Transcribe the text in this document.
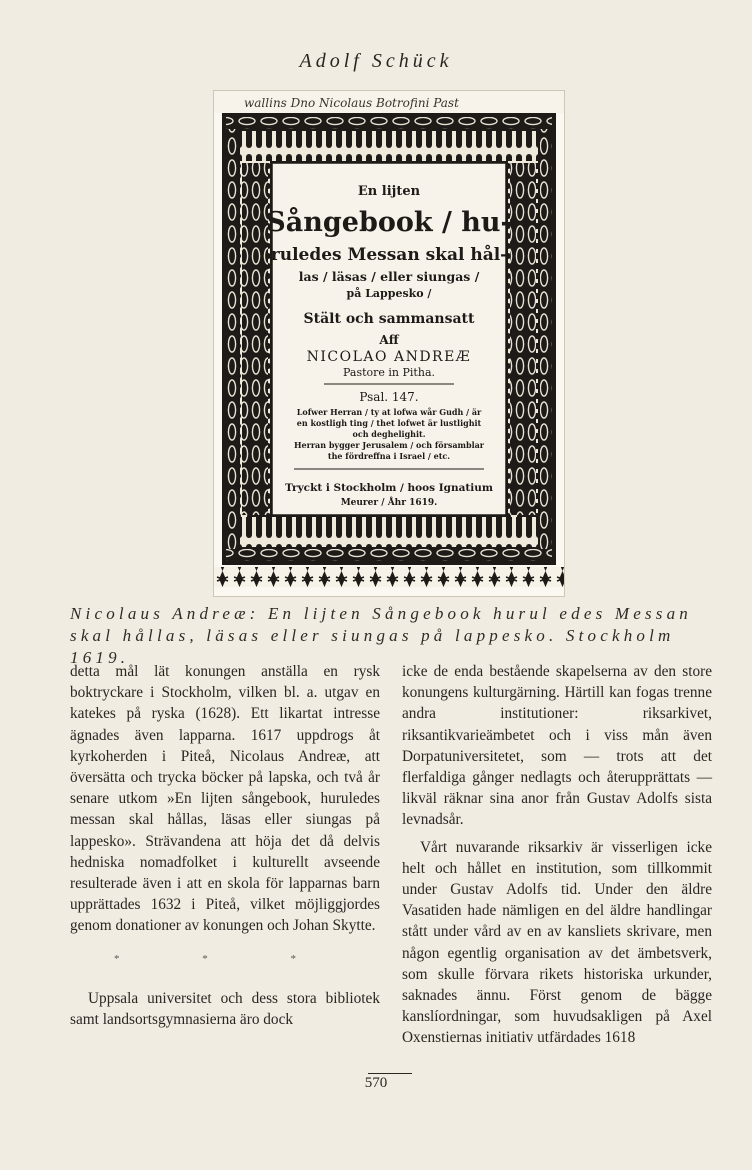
Adolf Schück
wallins Dno Nicolaus Botrofini Past
En lijten
Sångebook / hu-
ruledes Messan skal hål-
las / läsas / eller siungas /
på Lappesko /
Stält och sammansatt
Aff
NICOLAO ANDREÆ
Pastore in Pitha.
Psal. 147.
Lofwer Herran / ty at lofwa wår Gudh / är
en kostligh ting / thet lofwet är lustlighit
och deghelighit.
Herran bygger Jerusalem / och församblar
the fördreffna i Israel / etc.
Tryckt i Stockholm / hoos Ignatium
Meurer / Åhr 1619.
Nicolaus Andreæ: En lijten Sångebook hurul edes Messan skal hållas, läsas eller siungas på lappesko. Stockholm 1619.

detta mål lät konungen anställa en rysk boktryckare i Stockholm, vilken bl. a. utgav en katekes på ryska (1628). Ett likartat intresse ägnades även lapparna. 1617 uppdrogs åt kyrkoherden i Piteå, Nicolaus Andreæ, att översätta och trycka böcker på lapska, och två år senare utkom »En lijten sångebook, huruledes messan skal hållas, läsas eller siungas på lappesko». Strävandena att höja det då delvis hedniska nomadfolket i kulturellt avseende resulterade även i att en skola för lapparnas barn upprättades 1632 i Piteå, vilket möjliggjordes genom donationer av konungen och Johan Skytte.

* * *

Uppsala universitet och dess stora bibliotek samt landsortsgymnasierna äro dock

icke de enda bestående skapelserna av den store konungens kulturgärning. Härtill kan fogas trenne andra institutioner: riksarkivet, riksantikvarieämbetet och i viss mån även Dorpatuniversitetet, som — trots att det flerfaldiga gånger nedlagts och återupprättats — likväl räknar sina anor från Gustav Adolfs sista levnadsår.

Vårt nuvarande riksarkiv är visserligen icke helt och hållet en institution, som tillkommit under Gustav Adolfs tid. Under den äldre Vasatiden hade nämligen en del äldre handlingar stått under vård av en av kansliets skrivare, men någon egentlig organisation av det ämbetsverk, som skulle förvara rikets historiska urkunder, saknades ännu. Först genom de bägge kanslíordningar, som huvudsakligen på Axel Oxenstiernas initiativ utfärdades 1618

570
